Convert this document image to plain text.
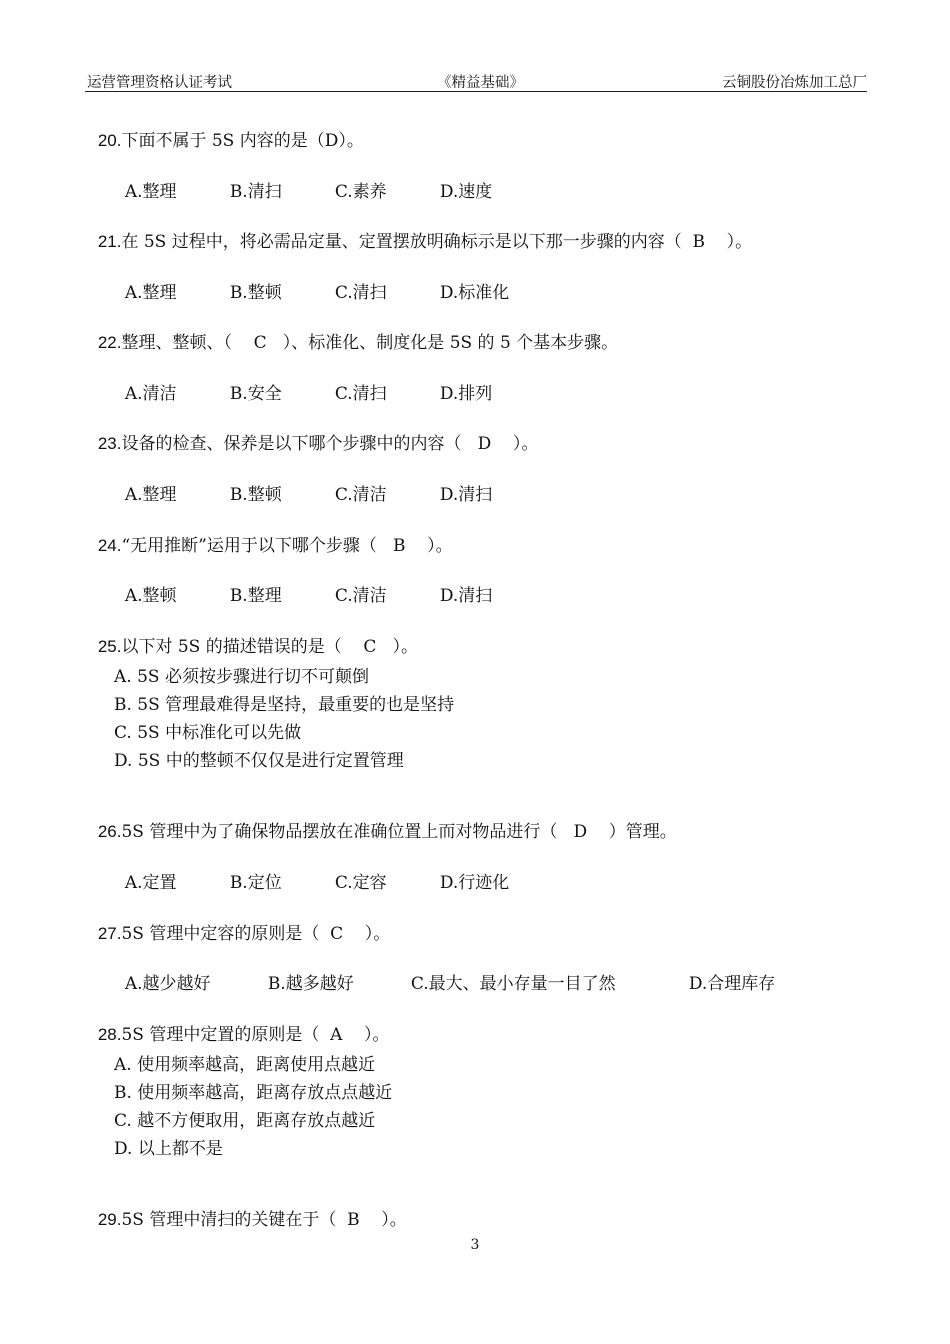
运营管理资格认证考试	《精益基础》	云铜股份冶炼加工总厂

20.下面不属于 5S 内容的是（D）。

A.整理	B.清扫	C.素养	D.速度

21.在 5S 过程中，将必需品定量、定置摆放明确标示是以下那一步骤的内容（  B    ）。

A.整理	B.整顿	C.清扫	D.标准化

22.整理、整顿、（    C   ）、标准化、制度化是 5S 的 5 个基本步骤。

A.清洁	B.安全	C.清扫	D.排列

23.设备的检查、保养是以下哪个步骤中的内容（   D    ）。

A.整理	B.整顿	C.清洁	D.清扫

24.“无用推断”运用于以下哪个步骤（   B    ）。

A.整顿	B.整理	C.清洁	D.清扫

25.以下对 5S 的描述错误的是（    C   ）。

A. 5S 必须按步骤进行切不可颠倒
B. 5S 管理最难得是坚持，最重要的也是坚持
C. 5S 中标准化可以先做
D. 5S 中的整顿不仅仅是进行定置管理

26.5S 管理中为了确保物品摆放在准确位置上而对物品进行（   D    ）管理。

A.定置	B.定位	C.定容	D.行迹化

27.5S 管理中定容的原则是（  C    ）。

A.越少越好	B.越多越好	C.最大、最小存量一目了然	D.合理库存

28.5S 管理中定置的原则是（  A    ）。

A. 使用频率越高，距离使用点越近
B. 使用频率越高，距离存放点点越近
C. 越不方便取用，距离存放点越近
D. 以上都不是

29.5S 管理中清扫的关键在于（  B    ）。

3
